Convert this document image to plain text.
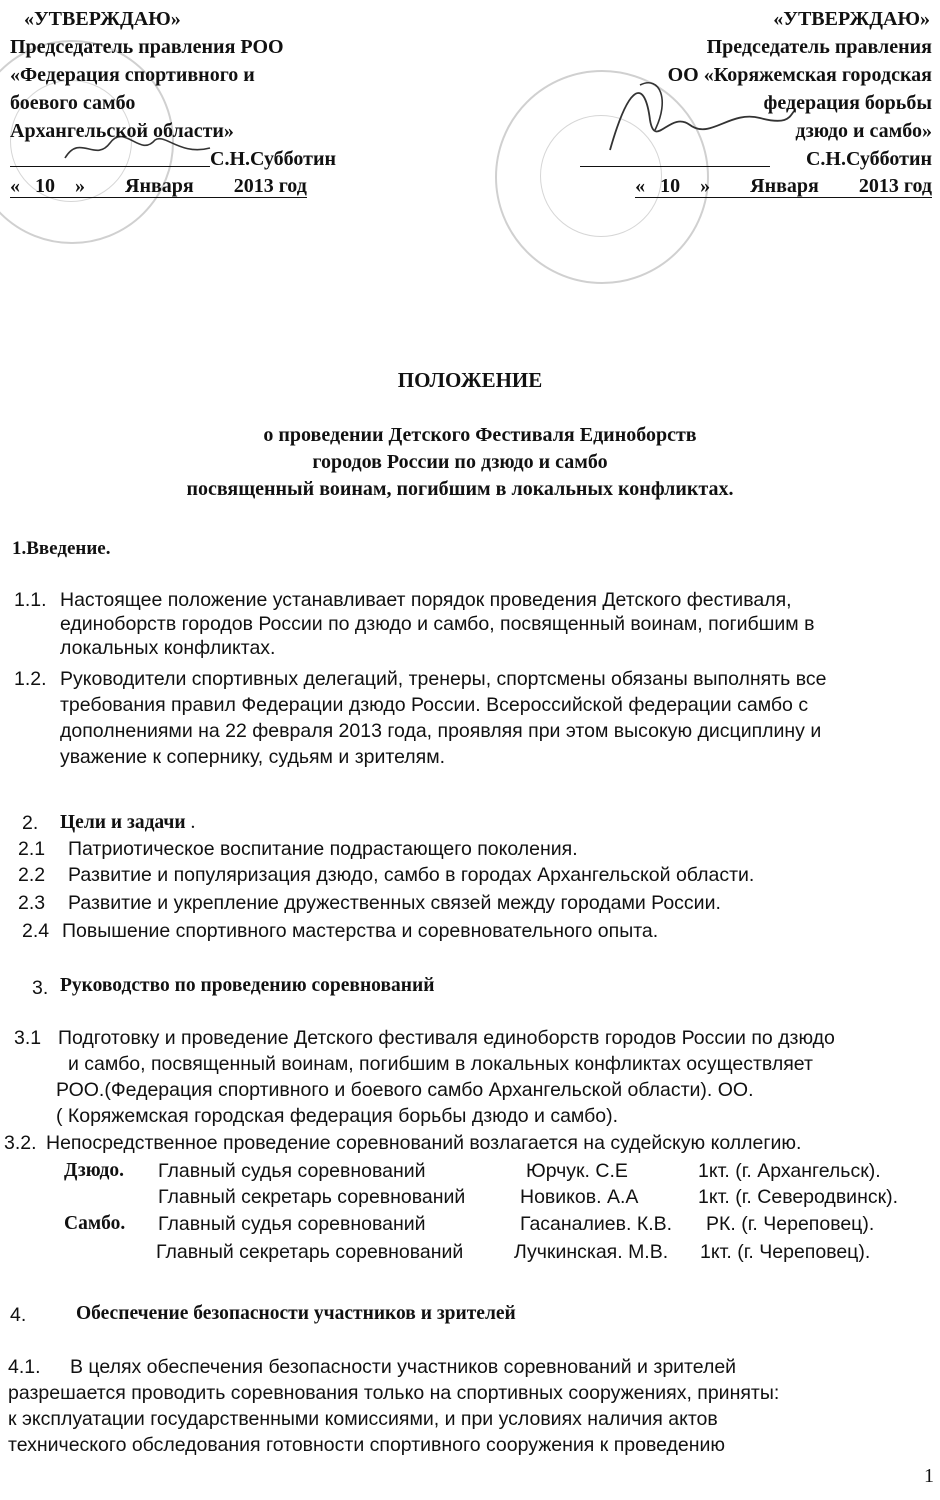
«УТВЕРЖДАЮ»
Председатель правления РОО
«Федерация спортивного и
боевого самбо
Архангельской области»
С.Н.Субботин
«   10    »        Января        2013 год
«УТВЕРЖДАЮ»
Председатель правления
ОО «Коряжемская городская
федерация борьбы
дзюдо и самбо»
С.Н.Субботин
«   10    »        Января        2013 год
ПОЛОЖЕНИЕ
о проведении Детского Фестиваля Единоборств
городов России по дзюдо и самбо
посвященный воинам, погибшим в локальных конфликтах.
1.Введение.
1.1. Настоящее положение устанавливает порядок проведения Детского фестиваля,
единоборств городов России по дзюдо и самбо, посвященный воинам, погибшим в
локальных конфликтах.
1.2. Руководители спортивных делегаций, тренеры, спортсмены обязаны выполнять все
требования правил Федерации дзюдо России. Всероссийской федерации самбо с
дополнениями на 22 февраля 2013 года, проявляя при этом высокую дисциплину и
уважение к сопернику, судьям и зрителям.
2. Цели и задачи .
2.1 Патриотическое воспитание подрастающего поколения.
2.2 Развитие и популяризация дзюдо, самбо в городах Архангельской области.
2.3 Развитие и укрепление дружественных связей между городами России.
2.4 Повышение спортивного мастерства и соревновательного опыта.
3. Руководство по проведению соревнований
3.1 Подготовку и проведение Детского фестиваля единоборств городов России по дзюдо
и самбо, посвященный воинам, погибшим в локальных конфликтах осуществляет
РОО.(Федерация спортивного и боевого самбо Архангельской области). ОО.
( Коряжемская городская федерация борьбы дзюдо и самбо).
3.2. Непосредственное проведение соревнований возлагается на судейскую коллегию.
Дзюдо. Главный судья соревнований	Юрчук. С.Е	1кт. (г. Архангельск).
Главный секретарь соревнований	Новиков. А.А	1кт. (г. Северодвинск).
Самбо. Главный судья соревнований	Гасаналиев. К.В. РК. (г. Череповец).
Главный секретарь соревнований	Лучкинская. М.В. 1кт. (г. Череповец).
4.	Обеспечение безопасности участников и зрителей
4.1. В целях обеспечения безопасности участников соревнований и зрителей
разрешается проводить соревнования только на спортивных сооружениях, приняты:
к эксплуатации государственными комиссиями, и при условиях наличия актов
технического обследования готовности спортивного сооружения к проведению
1
